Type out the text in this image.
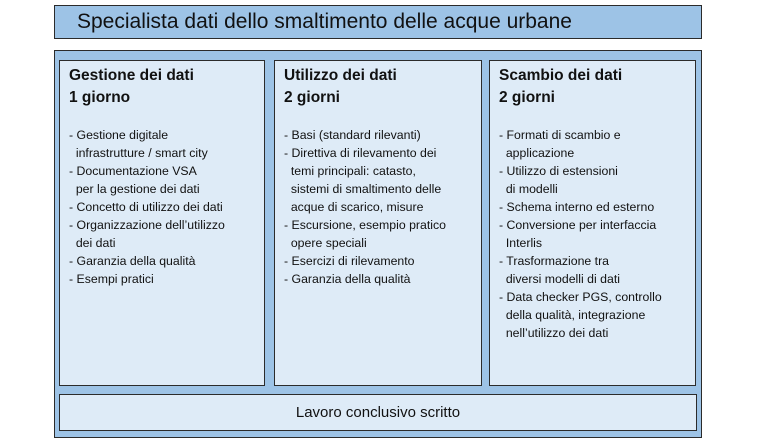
Specialista dati dello smaltimento delle acque urbane
Gestione dei dati
1 giorno
- Gestione digitale
infrastrutture / smart city
- Documentazione VSA
per la gestione dei dati
- Concetto di utilizzo dei dati
- Organizzazione dell’utilizzo
dei dati
- Garanzia della qualità
- Esempi pratici
Utilizzo dei dati
2 giorni
- Basi (standard rilevanti)
- Direttiva di rilevamento dei
temi principali: catasto,
sistemi di smaltimento delle
acque di scarico, misure
- Escursione, esempio pratico
opere speciali
- Esercizi di rilevamento
- Garanzia della qualità
Scambio dei dati
2 giorni
- Formati di scambio e
applicazione
- Utilizzo di estensioni
di modelli
- Schema interno ed esterno
- Conversione per interfaccia
Interlis
- Trasformazione tra
diversi modelli di dati
- Data checker PGS, controllo
della qualità, integrazione
nell’utilizzo dei dati
Lavoro conclusivo scritto
